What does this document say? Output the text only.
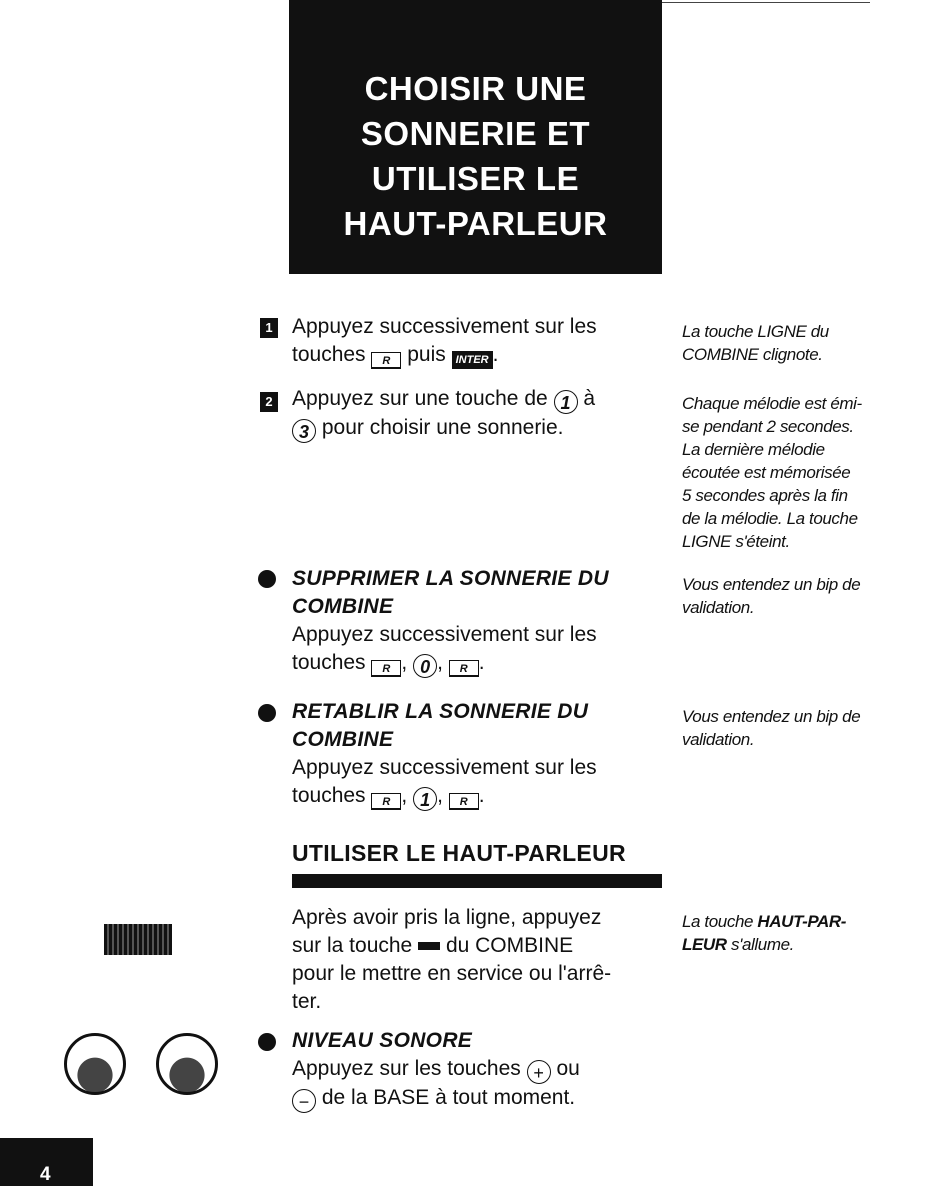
CHOISIR UNE
SONNERIE ET
UTILISER LE
HAUT-PARLEUR
1 Appuyez successivement sur les
touches R puis INTER .
La touche LIGNE du
COMBINE clignote.
2 Appuyez sur une touche de 1 à
3 pour choisir une sonnerie.
Chaque mélodie est émi-
se pendant 2 secondes.
La dernière mélodie
écoutée est mémorisée
5 secondes après la fin
de la mélodie. La touche
LIGNE s'éteint.
SUPPRIMER LA SONNERIE DU
COMBINE
Appuyez successivement sur les
touches R , 0 , R .
Vous entendez un bip de
validation.
RETABLIR LA SONNERIE DU
COMBINE
Appuyez successivement sur les
touches R , 1 , R .
Vous entendez un bip de
validation.
UTILISER LE HAUT-PARLEUR
Après avoir pris la ligne, appuyez
sur la touche du COMBINE
pour le mettre en service ou l'arrê-
ter.
La touche HAUT-PAR-
LEUR s'allume.
NIVEAU SONORE
Appuyez sur les touches + ou
− de la BASE à tout moment.
4
